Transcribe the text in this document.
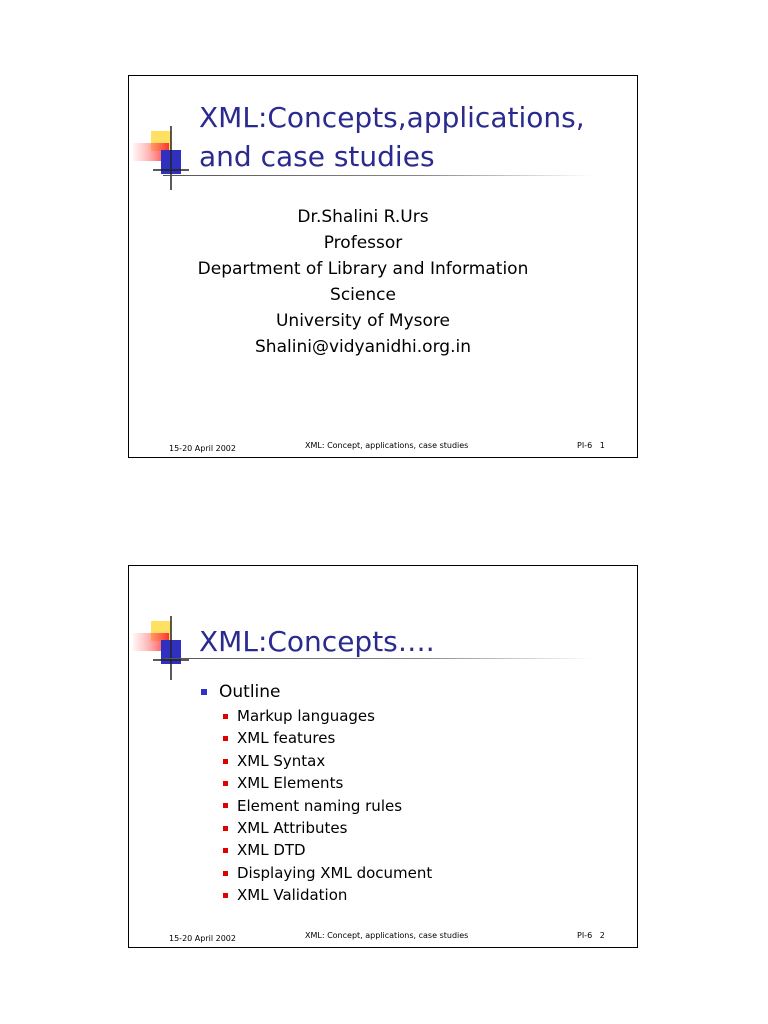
XML:Concepts,applications,
and case studies
Dr.Shalini R.Urs
Professor
Department of Library and Information
Science
University of Mysore
Shalini@vidyanidhi.org.in
15-20 April 2002	XML: Concept, applications, case studies	PI-6   1
XML:Concepts….
Outline
Markup languages
XML features
XML Syntax
XML Elements
Element naming rules
XML Attributes
XML DTD
Displaying XML document
XML Validation
15-20 April 2002	XML: Concept, applications, case studies	PI-6   2
